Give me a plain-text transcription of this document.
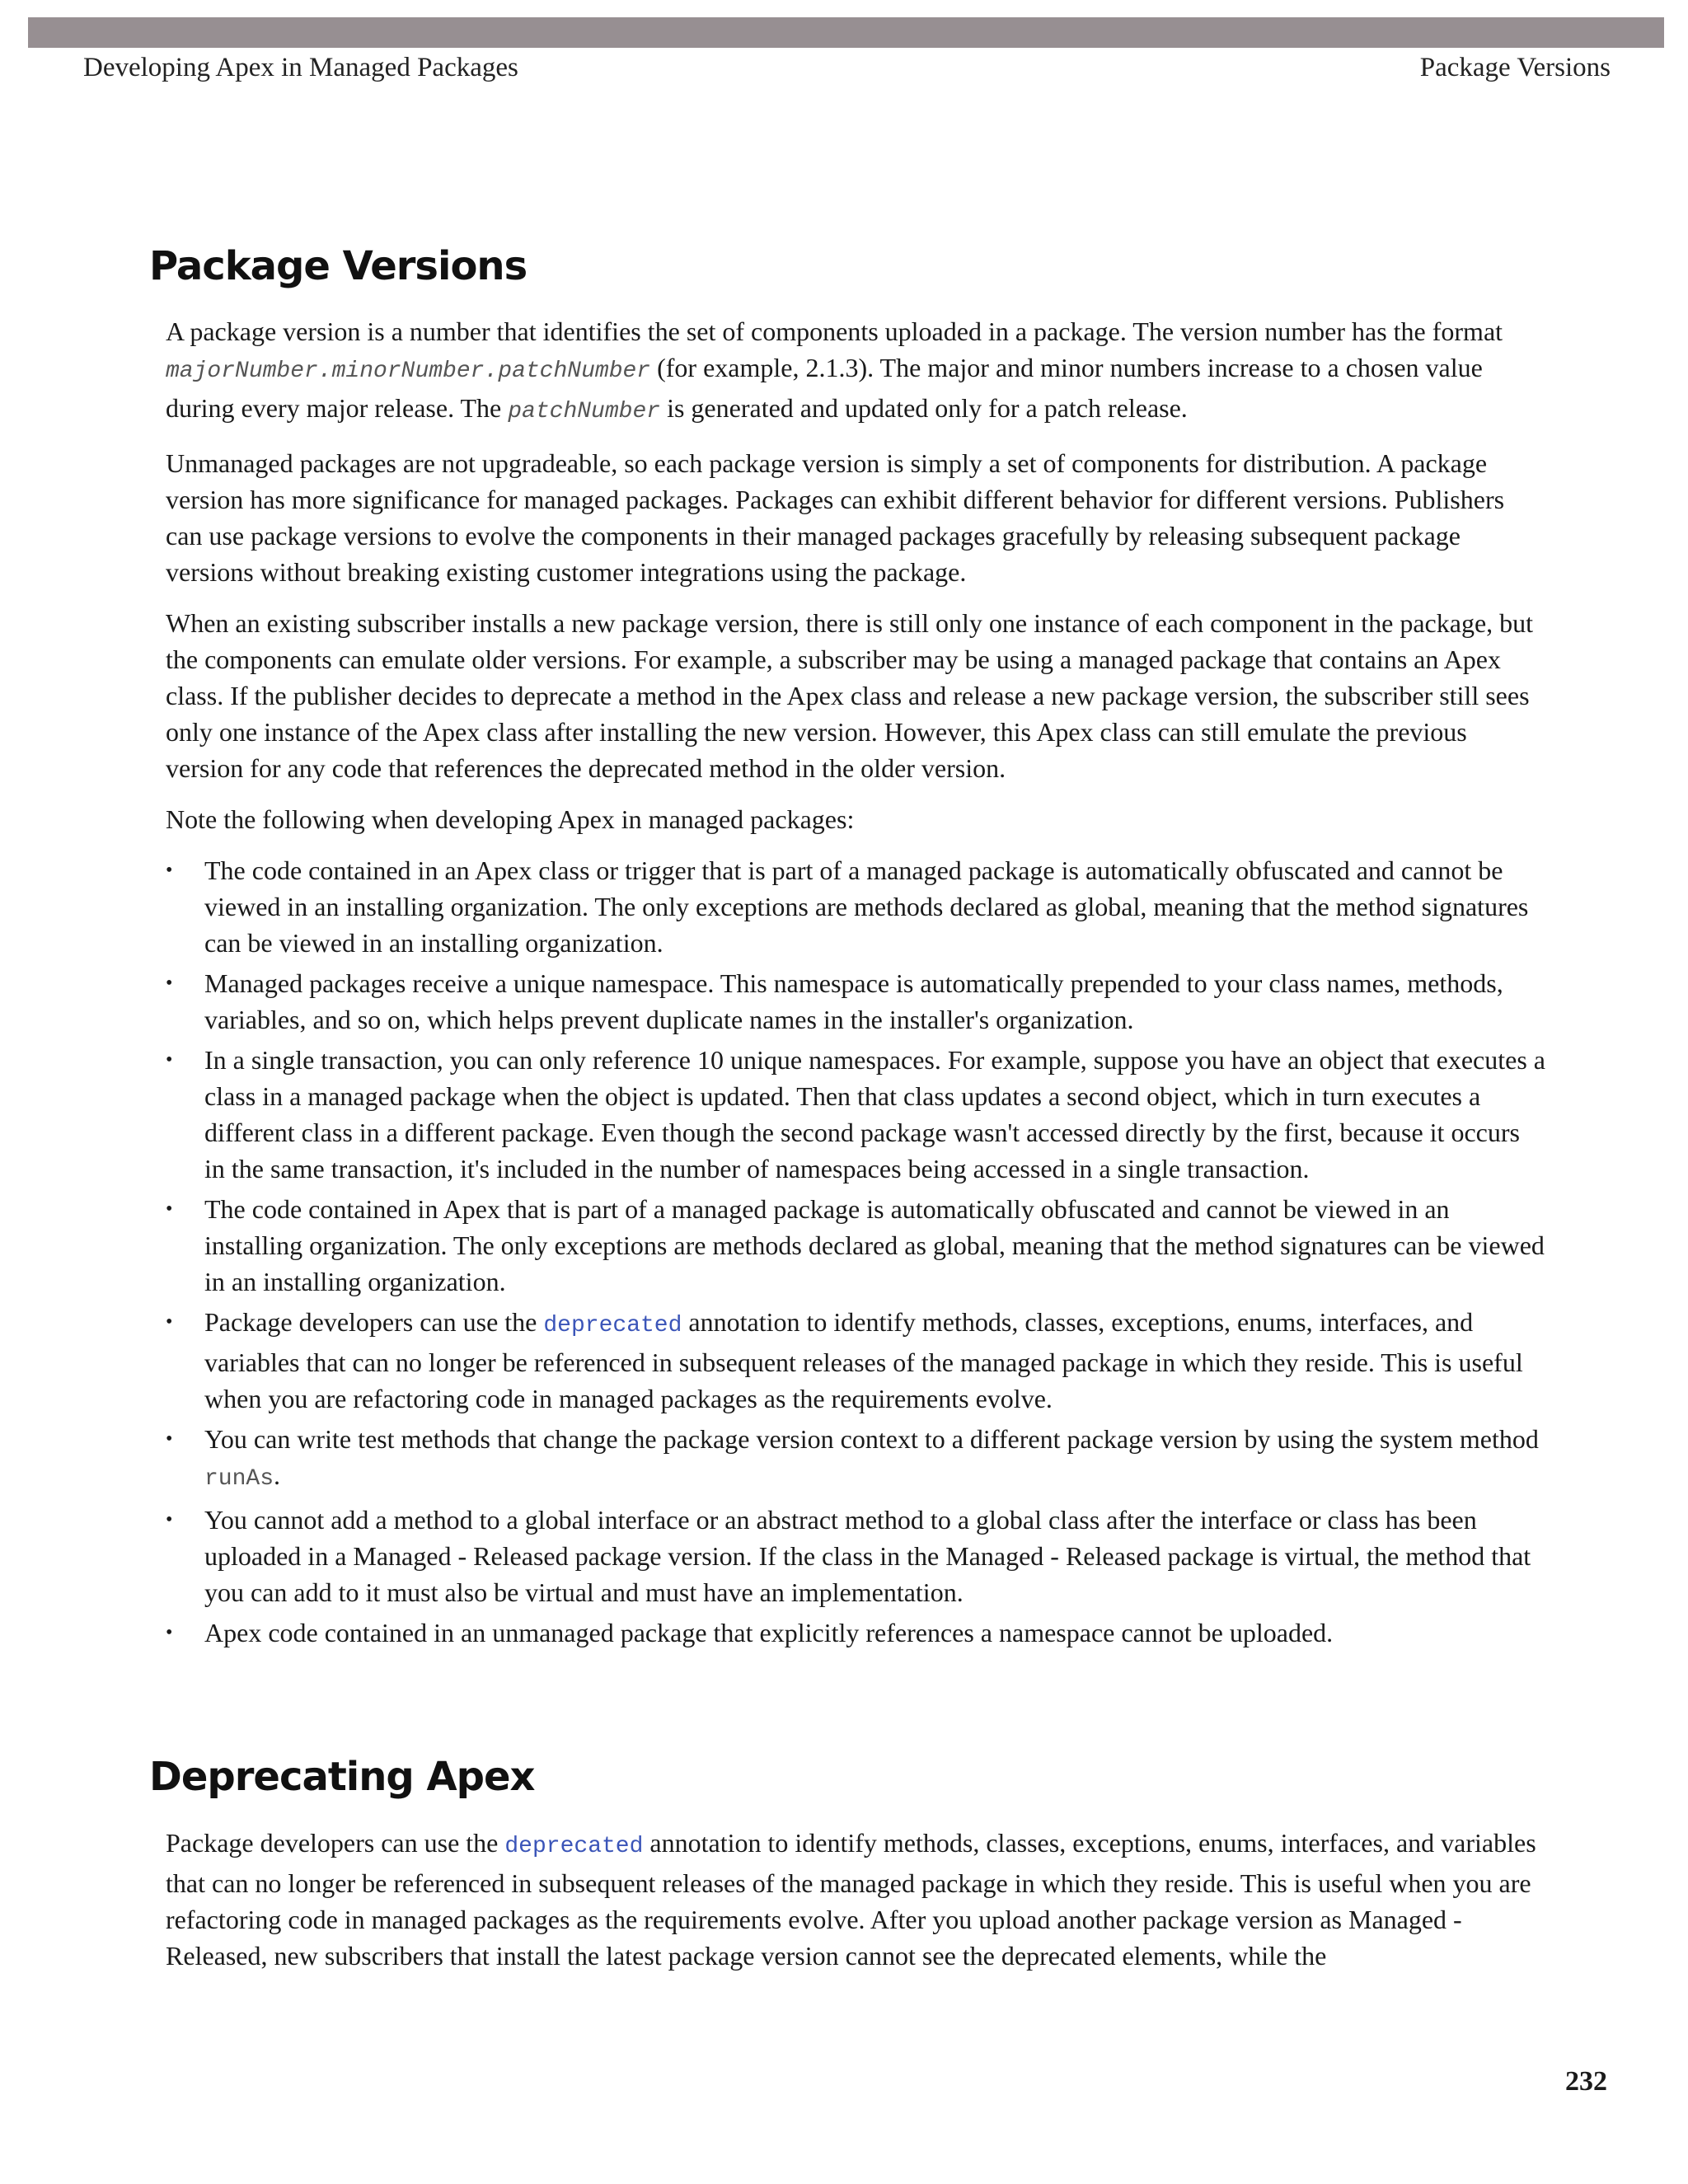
Developing Apex in Managed Packages	Package Versions
Package Versions

A package version is a number that identifies the set of components uploaded in a package. The version number has the format majorNumber.minorNumber.patchNumber (for example, 2.1.3). The major and minor numbers increase to a chosen value during every major release. The patchNumber is generated and updated only for a patch release.

Unmanaged packages are not upgradeable, so each package version is simply a set of components for distribution. A package version has more significance for managed packages. Packages can exhibit different behavior for different versions. Publishers can use package versions to evolve the components in their managed packages gracefully by releasing subsequent package versions without breaking existing customer integrations using the package.

When an existing subscriber installs a new package version, there is still only one instance of each component in the package, but the components can emulate older versions. For example, a subscriber may be using a managed package that contains an Apex class. If the publisher decides to deprecate a method in the Apex class and release a new package version, the subscriber still sees only one instance of the Apex class after installing the new version. However, this Apex class can still emulate the previous version for any code that references the deprecated method in the older version.

Note the following when developing Apex in managed packages:

• The code contained in an Apex class or trigger that is part of a managed package is automatically obfuscated and cannot be viewed in an installing organization. The only exceptions are methods declared as global, meaning that the method signatures can be viewed in an installing organization.
• Managed packages receive a unique namespace. This namespace is automatically prepended to your class names, methods, variables, and so on, which helps prevent duplicate names in the installer's organization.
• In a single transaction, you can only reference 10 unique namespaces. For example, suppose you have an object that executes a class in a managed package when the object is updated. Then that class updates a second object, which in turn executes a different class in a different package. Even though the second package wasn't accessed directly by the first, because it occurs in the same transaction, it's included in the number of namespaces being accessed in a single transaction.
• The code contained in Apex that is part of a managed package is automatically obfuscated and cannot be viewed in an installing organization. The only exceptions are methods declared as global, meaning that the method signatures can be viewed in an installing organization.
• Package developers can use the deprecated annotation to identify methods, classes, exceptions, enums, interfaces, and variables that can no longer be referenced in subsequent releases of the managed package in which they reside. This is useful when you are refactoring code in managed packages as the requirements evolve.
• You can write test methods that change the package version context to a different package version by using the system method runAs.
• You cannot add a method to a global interface or an abstract method to a global class after the interface or class has been uploaded in a Managed - Released package version. If the class in the Managed - Released package is virtual, the method that you can add to it must also be virtual and must have an implementation.
• Apex code contained in an unmanaged package that explicitly references a namespace cannot be uploaded.
Deprecating Apex

Package developers can use the deprecated annotation to identify methods, classes, exceptions, enums, interfaces, and variables that can no longer be referenced in subsequent releases of the managed package in which they reside. This is useful when you are refactoring code in managed packages as the requirements evolve. After you upload another package version as Managed - Released, new subscribers that install the latest package version cannot see the deprecated elements, while the

232
